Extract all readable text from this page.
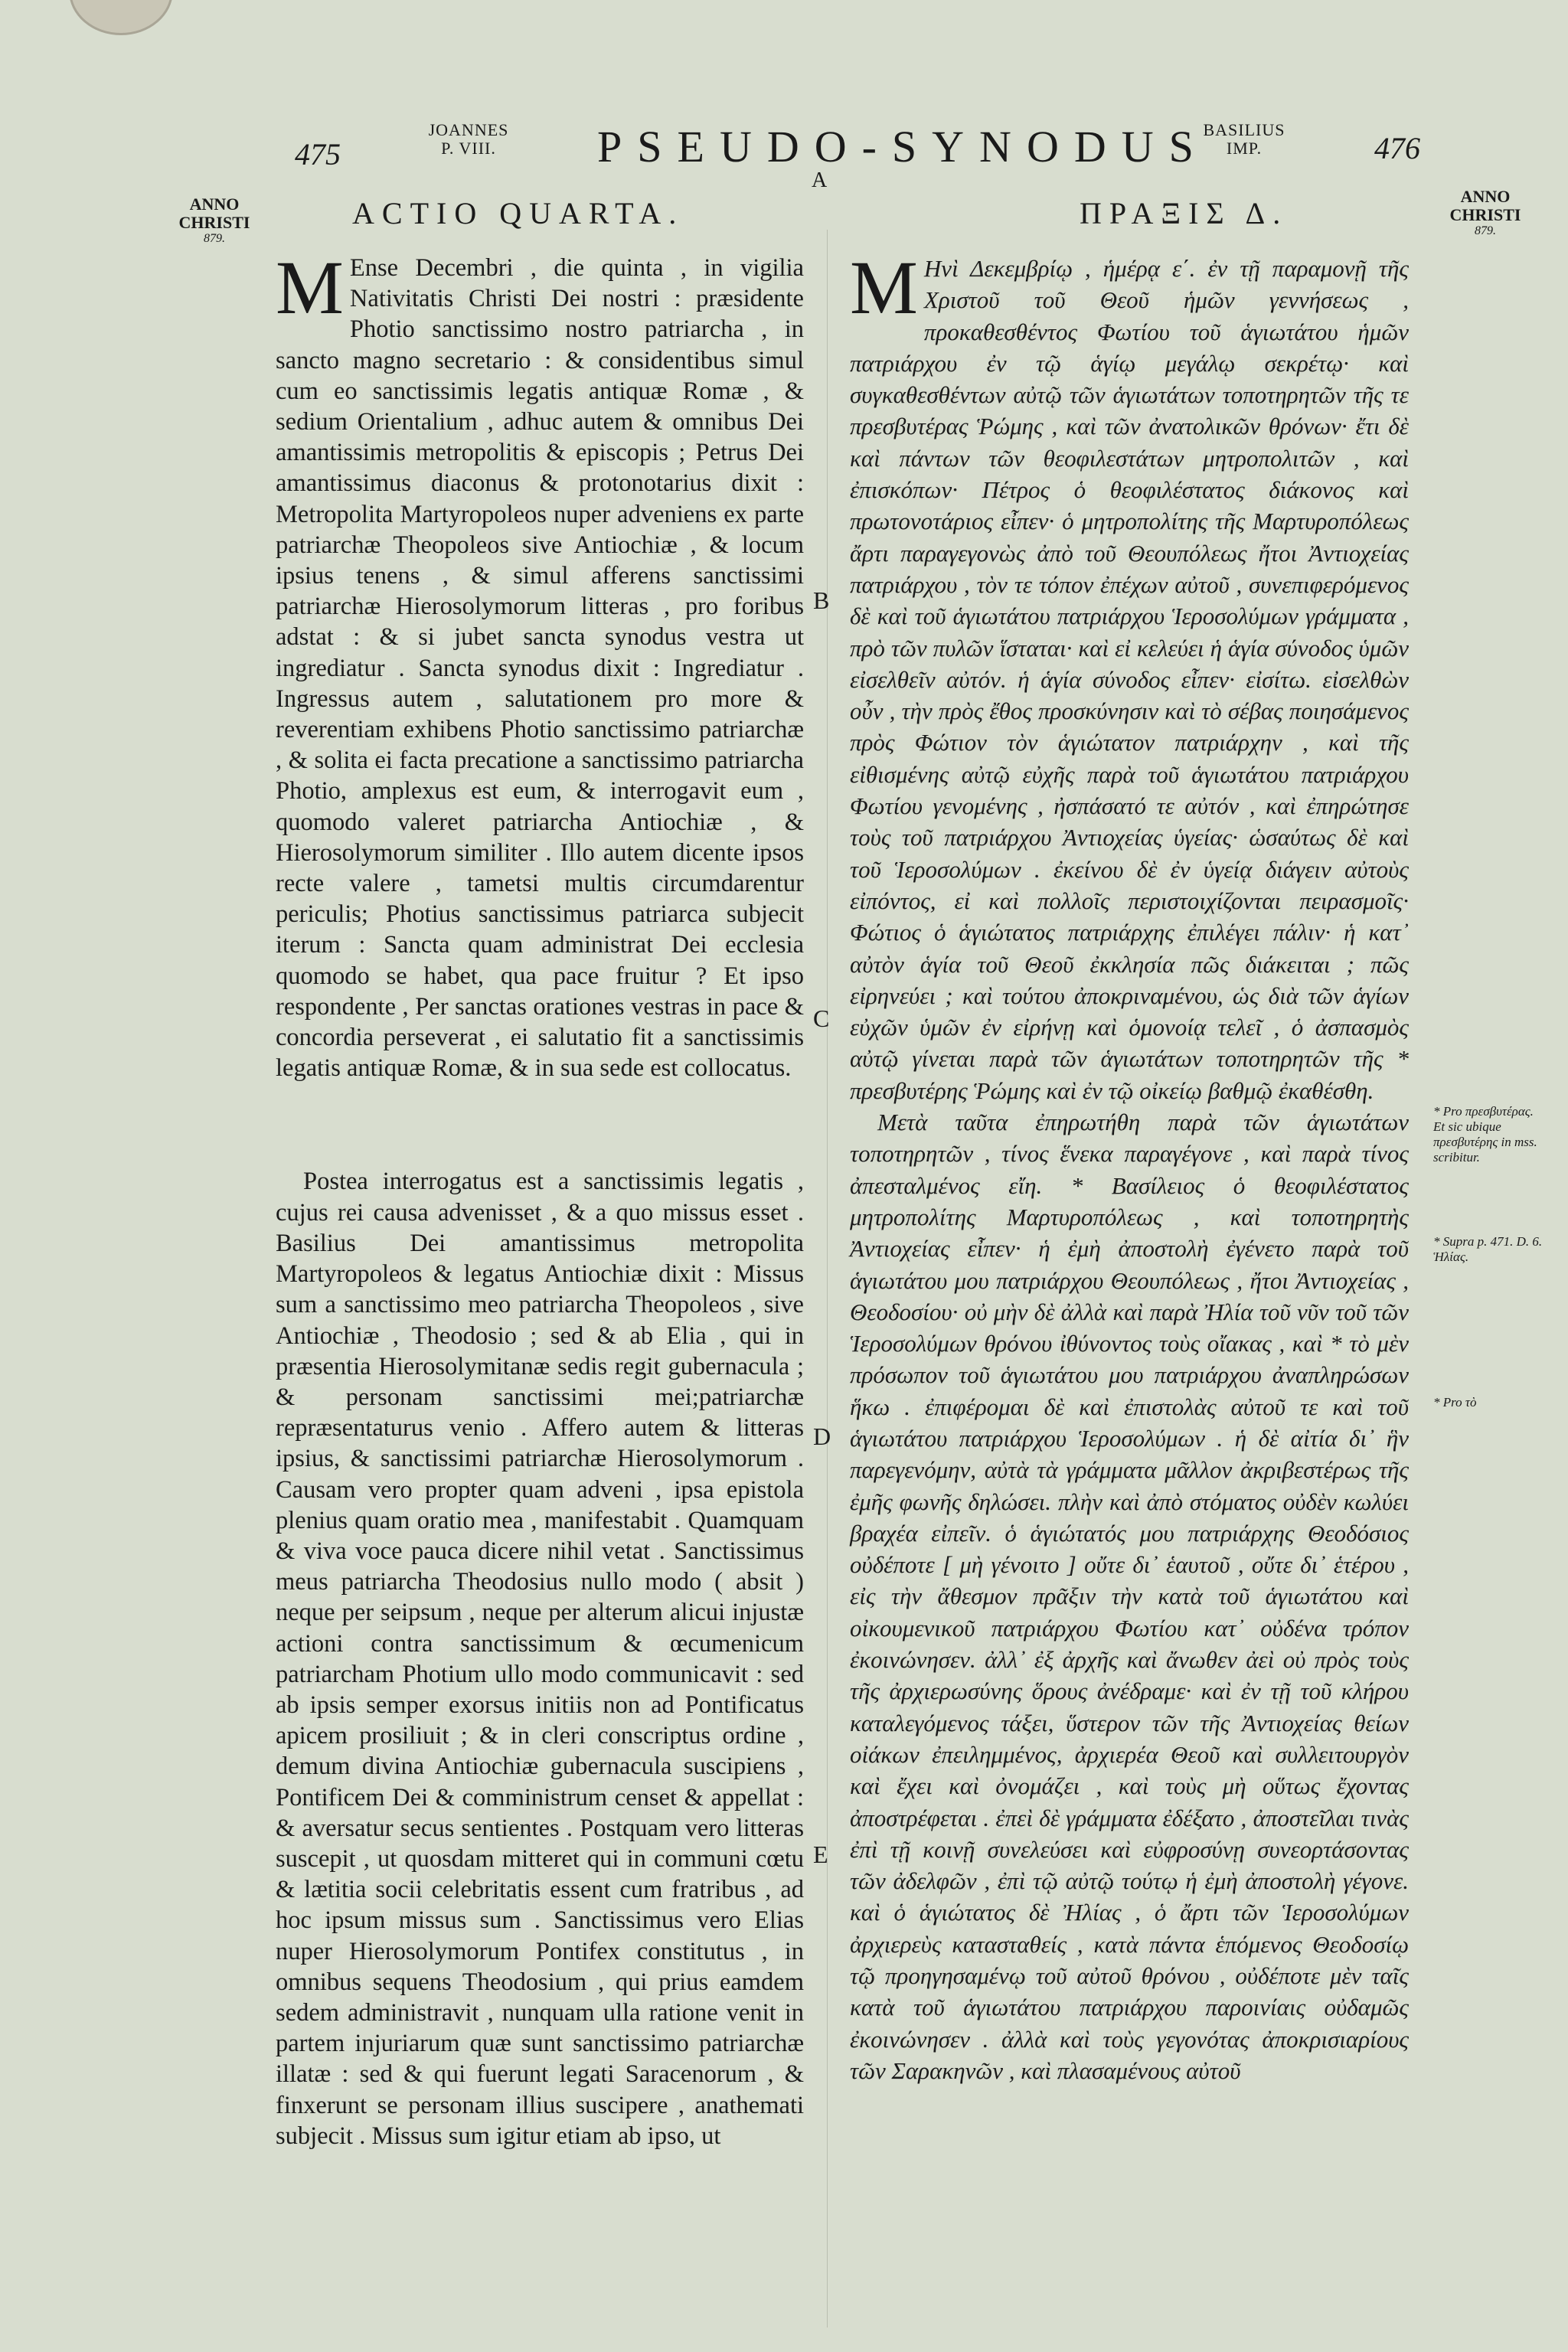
475
JOANNES
P. VIII.	PSEUDO-SYNODUS
BASILIUS
IMP.	476
A
ANNO
CHRISTI
879.
ANNO
CHRISTI
879.
ACTIO QUARTA.	ΠΡΑΞΙΣ Δ.

M Ense Decembri , die quinta , in vigilia Nativitatis Christi Dei nostri : præsidente Photio sanctissimo nostro patriarcha , in sancto magno secretario : & considentibus simul cum eo sanctissimis legatis antiquæ Romæ , & sedium Orientalium , adhuc autem & omnibus Dei amantissimis metropolitis & episcopis ; Petrus Dei amantissimus diaconus & protonotarius dixit : Metropolita Martyropoleos nuper adveniens ex parte patriarchæ Theopoleos sive Antiochiæ , & locum ipsius tenens , & simul afferens sanctissimi patriarchæ Hierosolymorum litteras , pro foribus adstat : & si jubet sancta synodus vestra ut ingrediatur . Sancta synodus dixit : Ingrediatur . Ingressus autem , salutationem pro more & reverentiam exhibens Photio sanctissimo patriarchæ , & solita ei facta precatione a sanctissimo patriarcha Photio, amplexus est eum, & interrogavit eum , quomodo valeret patriarcha Antiochiæ , & Hierosolymorum similiter . Illo autem dicente ipsos recte valere , tametsi multis circumdarentur periculis; Photius sanctissimus patriarca subjecit iterum : Sancta quam administrat Dei ecclesia quomodo se habet, qua pace fruitur ? Et ipso respondente , Per sanctas orationes vestras in pace & concordia perseverat , ei salutatio fit a sanctissimis legatis antiquæ Romæ, & in sua sede est collocatus.

Postea interrogatus est a sanctissimis legatis , cujus rei causa advenisset , & a quo missus esset . Basilius Dei amantissimus metropolita Martyropoleos & legatus Antiochiæ dixit : Missus sum a sanctissimo meo patriarcha Theopoleos , sive Antiochiæ , Theodosio ; sed & ab Elia , qui in præsentia Hierosolymitanæ sedis regit gubernacula ; & personam sanctissimi mei;patriarchæ repræsentaturus venio . Affero autem & litteras ipsius, & sanctissimi patriarchæ Hierosolymorum . Causam vero propter quam adveni , ipsa epistola plenius quam oratio mea , manifestabit . Quamquam & viva voce pauca dicere nihil vetat . Sanctissimus meus patriarcha Theodosius nullo modo ( absit ) neque per seipsum , neque per alterum alicui injustæ actioni contra sanctissimum & œcumenicum patriarcham Photium ullo modo communicavit : sed ab ipsis semper exorsus initiis non ad Pontificatus apicem prosiliuit ; & in cleri conscriptus ordine , demum divina Antiochiæ gubernacula suscipiens , Pontificem Dei & comministrum censet & appellat : & aversatur secus sentientes . Postquam vero litteras suscepit , ut quosdam mitteret qui in communi cœtu & lætitia socii celebritatis essent cum fratribus , ad hoc ipsum missus sum . Sanctissimus vero Elias nuper Hierosolymorum Pontifex constitutus , in omnibus sequens Theodosium , qui prius eamdem sedem administravit , nunquam ulla ratione venit in partem injuriarum quæ sunt sanctissimo patriarchæ illatæ : sed & qui fuerunt legati Saracenorum , & finxerunt se personam illius suscipere , anathemati subjecit . Missus sum igitur etiam ab ipso, ut

Μ Ηνὶ Δεκεμβρίῳ , ἡμέρᾳ ε΄. ἐν τῇ παραμονῇ τῆς Χριστοῦ τοῦ Θεοῦ ἡμῶν γεννήσεως , προκαθεσθέντος Φωτίου τοῦ ἁγιωτάτου ἡμῶν πατριάρχου ἐν τῷ ἁγίῳ μεγάλῳ σεκρέτῳ· καὶ συγκαθεσθέντων αὐτῷ τῶν ἁγιωτάτων τοποτηρητῶν τῆς τε πρεσβυτέρας Ῥώμης , καὶ τῶν ἀνατολικῶν θρόνων· ἔτι δὲ καὶ πάντων τῶν θεοφιλεστάτων μητροπολιτῶν , καὶ ἐπισκόπων· Πέτρος ὁ θεοφιλέστατος διάκονος καὶ πρωτονοτάριος εἶπεν· ὁ μητροπολίτης τῆς Μαρτυροπόλεως ἄρτι παραγεγονὼς ἀπὸ τοῦ Θεουπόλεως ἤτοι Ἀντιοχείας πατριάρχου , τὸν τε τόπον ἐπέχων αὐτοῦ , συνεπιφερόμενος δὲ καὶ τοῦ ἁγιωτάτου πατριάρχου Ἱεροσολύμων γράμματα , πρὸ τῶν πυλῶν ἵσταται· καὶ εἰ κελεύει ἡ ἁγία σύνοδος ὑμῶν εἰσελθεῖν αὐτόν. ἡ ἁγία σύνοδος εἶπεν· εἰσίτω. εἰσελθὼν οὖν , τὴν πρὸς ἔθος προσκύνησιν καὶ τὸ σέβας ποιησάμενος πρὸς Φώτιον τὸν ἁγιώτατον πατριάρχην , καὶ τῆς εἰθισμένης αὐτῷ εὐχῆς παρὰ τοῦ ἁγιωτάτου πατριάρχου Φωτίου γενομένης , ἠσπάσατό τε αὐτόν , καὶ ἐπηρώτησε τοὺς τοῦ πατριάρχου Ἀντιοχείας ὑγείας· ὡσαύτως δὲ καὶ τοῦ Ἱεροσολύμων . ἐκείνου δὲ ἐν ὑγείᾳ διάγειν αὐτοὺς εἰπόντος, εἰ καὶ πολλοῖς περιστοιχίζονται πειρασμοῖς· Φώτιος ὁ ἁγιώτατος πατριάρχης ἐπιλέγει πάλιν· ἡ κατ᾽ αὐτὸν ἁγία τοῦ Θεοῦ ἐκκλησία πῶς διάκειται ; πῶς εἰρηνεύει ; καὶ τούτου ἀποκριναμένου, ὡς διὰ τῶν ἁγίων εὐχῶν ὑμῶν ἐν εἰρήνῃ καὶ ὁμονοίᾳ τελεῖ , ὁ ἀσπασμὸς αὐτῷ γίνεται παρὰ τῶν ἁγιωτάτων τοποτηρητῶν τῆς * πρεσβυτέρης Ῥώμης καὶ ἐν τῷ οἰκείῳ βαθμῷ ἐκαθέσθη.

Μετὰ ταῦτα ἐπηρωτήθη παρὰ τῶν ἁγιωτάτων τοποτηρητῶν , τίνος ἕνεκα παραγέγονε , καὶ παρὰ τίνος ἀπεσταλμένος εἴη. * Βασίλειος ὁ θεοφιλέστατος μητροπολίτης Μαρτυροπόλεως , καὶ τοποτηρητὴς Ἀντιοχείας εἶπεν· ἡ ἐμὴ ἀποστολὴ ἐγένετο παρὰ τοῦ ἁγιωτάτου μου πατριάρχου Θεουπόλεως , ἤτοι Ἀντιοχείας , Θεοδοσίου· οὐ μὴν δὲ ἀλλὰ καὶ παρὰ Ἠλία τοῦ νῦν τοῦ τῶν Ἱεροσολύμων θρόνου ἰθύνοντος τοὺς οἴακας , καὶ * τὸ μὲν πρόσωπον τοῦ ἁγιωτάτου μου πατριάρχου ἀναπληρώσων ἥκω . ἐπιφέρομαι δὲ καὶ ἐπιστολὰς αὐτοῦ τε καὶ τοῦ ἁγιωτάτου πατριάρχου Ἱεροσολύμων . ἡ δὲ αἰτία δι᾽ ἣν παρεγενόμην, αὐτὰ τὰ γράμματα μᾶλλον ἀκριβεστέρως τῆς ἐμῆς φωνῆς δηλώσει. πλὴν καὶ ἀπὸ στόματος οὐδὲν κωλύει βραχέα εἰπεῖν. ὁ ἁγιώτατός μου πατριάρχης Θεοδόσιος οὐδέποτε [ μὴ γένοιτο ] οὔτε δι᾽ ἑαυτοῦ , οὔτε δι᾽ ἑτέρου , εἰς τὴν ἄθεσμον πρᾶξιν τὴν κατὰ τοῦ ἁγιωτάτου καὶ οἰκουμενικοῦ πατριάρχου Φωτίου κατ᾽ οὐδένα τρόπον ἐκοινώνησεν. ἀλλ᾽ ἐξ ἀρχῆς καὶ ἄνωθεν ἀεὶ οὐ πρὸς τοὺς τῆς ἀρχιερωσύνης ὅρους ἀνέδραμε· καὶ ἐν τῇ τοῦ κλήρου καταλεγόμενος τάξει, ὕστερον τῶν τῆς Ἀντιοχείας θείων οἰάκων ἐπειλημμένος, ἀρχιερέα Θεοῦ καὶ συλλειτουργὸν καὶ ἔχει καὶ ὀνομάζει , καὶ τοὺς μὴ οὕτως ἔχοντας ἀποστρέφεται . ἐπεὶ δὲ γράμματα ἐδέξατο , ἀποστεῖλαι τινὰς ἐπὶ τῇ κοινῇ συνελεύσει καὶ εὐφροσύνῃ συνεορτάσοντας τῶν ἀδελφῶν , ἐπὶ τῷ αὐτῷ τούτῳ ἡ ἐμὴ ἀποστολὴ γέγονε. καὶ ὁ ἁγιώτατος δὲ Ἠλίας , ὁ ἄρτι τῶν Ἱεροσολύμων ἀρχιερεὺς κατασταθείς , κατὰ πάντα ἑπόμενος Θεοδοσίῳ τῷ προηγησαμένῳ τοῦ αὐτοῦ θρόνου , οὐδέποτε μὲν ταῖς κατὰ τοῦ ἁγιωτάτου πατριάρχου παροινίαις οὐδαμῶς ἐκοινώνησεν . ἀλλὰ καὶ τοὺς γεγονότας ἀποκρισιαρίους τῶν Σαρακηνῶν , καὶ πλασαμένους αὐτοῦ

B
C
D
E
* Pro πρεσβυτέρας. Et sic ubique πρεσβυτέρης in mss. scribitur.
* Supra p. 471. D. 6. Ἡλίας.
* Pro τὸ
